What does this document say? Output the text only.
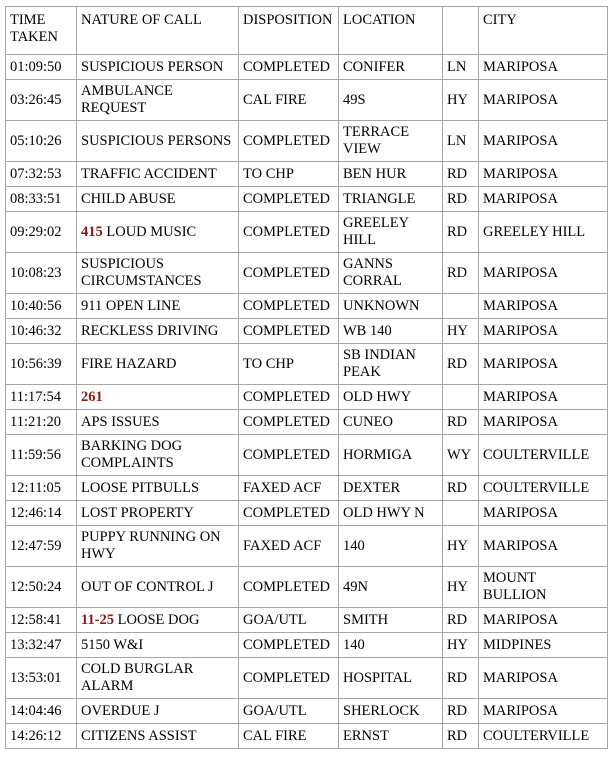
TIME TAKEN	NATURE OF CALL	DISPOSITION	LOCATION		CITY
01:09:50	SUSPICIOUS PERSON	COMPLETED	CONIFER	LN	MARIPOSA
03:26:45	AMBULANCE REQUEST	CAL FIRE	49S	HY	MARIPOSA
05:10:26	SUSPICIOUS PERSONS	COMPLETED	TERRACE VIEW	LN	MARIPOSA
07:32:53	TRAFFIC ACCIDENT	TO CHP	BEN HUR	RD	MARIPOSA
08:33:51	CHILD ABUSE	COMPLETED	TRIANGLE	RD	MARIPOSA
09:29:02	415 LOUD MUSIC	COMPLETED	GREELEY HILL	RD	GREELEY HILL
10:08:23	SUSPICIOUS CIRCUMSTANCES	COMPLETED	GANNS CORRAL	RD	MARIPOSA
10:40:56	911 OPEN LINE	COMPLETED	UNKNOWN		MARIPOSA
10:46:32	RECKLESS DRIVING	COMPLETED	WB 140	HY	MARIPOSA
10:56:39	FIRE HAZARD	TO CHP	SB INDIAN PEAK	RD	MARIPOSA
11:17:54	261	COMPLETED	OLD HWY		MARIPOSA
11:21:20	APS ISSUES	COMPLETED	CUNEO	RD	MARIPOSA
11:59:56	BARKING DOG COMPLAINTS	COMPLETED	HORMIGA	WY	COULTERVILLE
12:11:05	LOOSE PITBULLS	FAXED ACF	DEXTER	RD	COULTERVILLE
12:46:14	LOST PROPERTY	COMPLETED	OLD HWY N		MARIPOSA
12:47:59	PUPPY RUNNING ON HWY	FAXED ACF	140	HY	MARIPOSA
12:50:24	OUT OF CONTROL J	COMPLETED	49N	HY	MOUNT BULLION
12:58:41	11-25 LOOSE DOG	GOA/UTL	SMITH	RD	MARIPOSA
13:32:47	5150 W&I	COMPLETED	140	HY	MIDPINES
13:53:01	COLD BURGLAR ALARM	COMPLETED	HOSPITAL	RD	MARIPOSA
14:04:46	OVERDUE J	GOA/UTL	SHERLOCK	RD	MARIPOSA
14:26:12	CITIZENS ASSIST	CAL FIRE	ERNST	RD	COULTERVILLE
